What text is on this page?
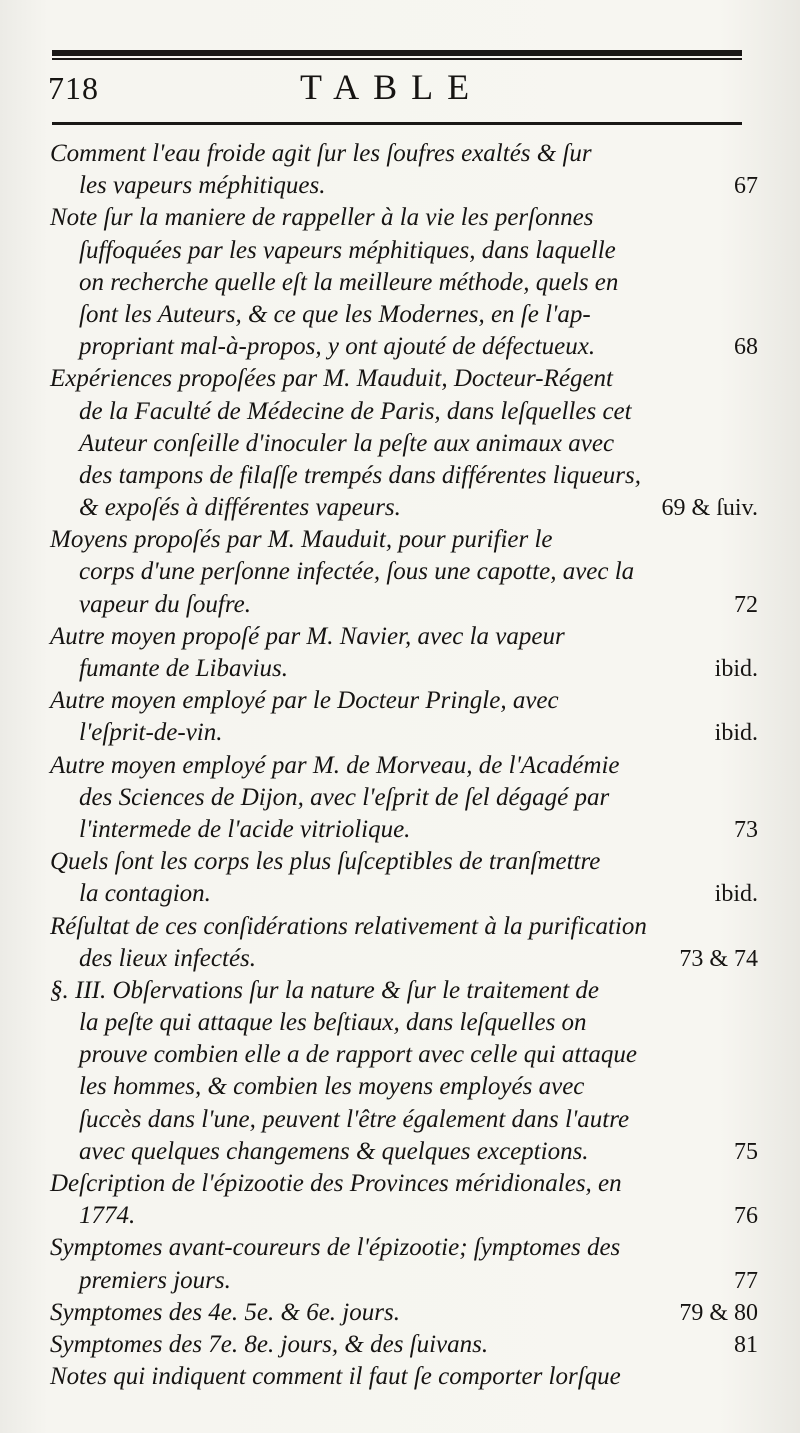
718	TABLE
Comment l'eau froide agit ſur les ſoufres exaltés & ſur
les vapeurs méphitiques.	67
Note ſur la maniere de rappeller à la vie les perſonnes
ſuffoquées par les vapeurs méphitiques, dans laquelle
on recherche quelle eſt la meilleure méthode, quels en
ſont les Auteurs, & ce que les Modernes, en ſe l'ap-
propriant mal-à-propos, y ont ajouté de défectueux.	68
Expériences propoſées par M. Mauduit, Docteur-Régent
de la Faculté de Médecine de Paris, dans leſquelles cet
Auteur conſeille d'inoculer la peſte aux animaux avec
des tampons de filaſſe trempés dans différentes liqueurs,
& expoſés à différentes vapeurs.	69 & ſuiv.
Moyens propoſés par M. Mauduit, pour purifier le
corps d'une perſonne infectée, ſous une capotte, avec la
vapeur du ſoufre.	72
Autre moyen propoſé par M. Navier, avec la vapeur
fumante de Libavius.	ibid.
Autre moyen employé par le Docteur Pringle, avec
l'eſprit-de-vin.	ibid.
Autre moyen employé par M. de Morveau, de l'Académie
des Sciences de Dijon, avec l'eſprit de ſel dégagé par
l'intermede de l'acide vitriolique.	73
Quels ſont les corps les plus ſuſceptibles de tranſmettre
la contagion.	ibid.
Réſultat de ces conſidérations relativement à la purification
des lieux infectés.	73 & 74
§. III. Obſervations ſur la nature & ſur le traitement de
la peſte qui attaque les beſtiaux, dans leſquelles on
prouve combien elle a de rapport avec celle qui attaque
les hommes, & combien les moyens employés avec
ſuccès dans l'une, peuvent l'être également dans l'autre
avec quelques changemens & quelques exceptions.	75
Deſcription de l'épizootie des Provinces méridionales, en
1774.	76
Symptomes avant-coureurs de l'épizootie; ſymptomes des
premiers jours.	77
Symptomes des 4e. 5e. & 6e. jours.	79 & 80
Symptomes des 7e. 8e. jours, & des ſuivans.	81
Notes qui indiquent comment il faut ſe comporter lorſque
